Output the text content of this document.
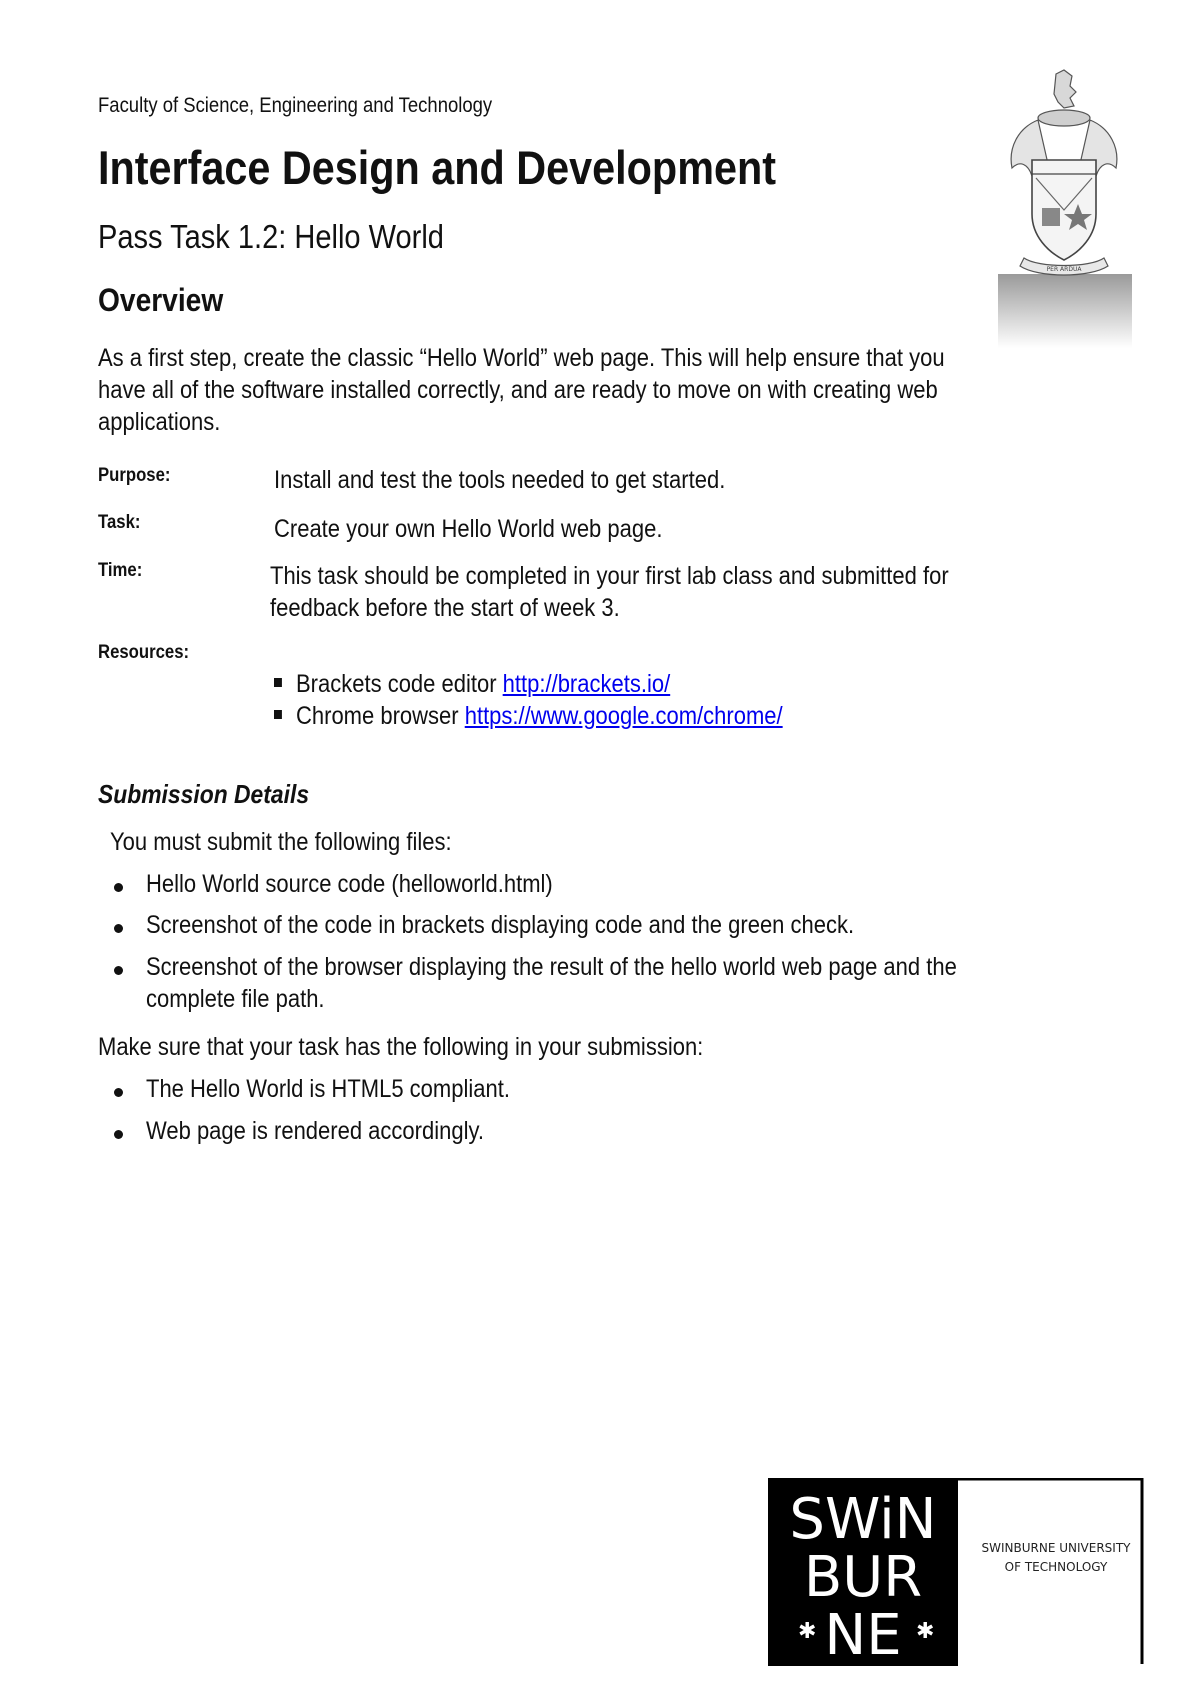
Faculty of Science, Engineering and Technology
Interface Design and Development
Pass Task 1.2: Hello World
PER ARDUA
Overview
As a first step, create the classic “Hello World” web page. This will help ensure that you
have all of the software installed correctly, and are ready to move on with creating web
applications.
Purpose:	Install and test the tools needed to get started.
Task:	Create your own Hello World web page.
Time:	This task should be completed in your first lab class and submitted for
feedback before the start of week 3.
Resources:
Brackets code editor http://brackets.io/
Chrome browser https://www.google.com/chrome/
Submission Details
You must submit the following files:
Hello World source code (helloworld.html)
Screenshot of the code in brackets displaying code and the green check.
Screenshot of the browser displaying the result of the hello world web page and the
complete file path.
Make sure that your task has the following in your submission:
The Hello World is HTML5 compliant.
Web page is rendered accordingly.
SWiN
BUR
NE
✱	✱
SWINBURNE UNIVERSITY
OF TECHNOLOGY
